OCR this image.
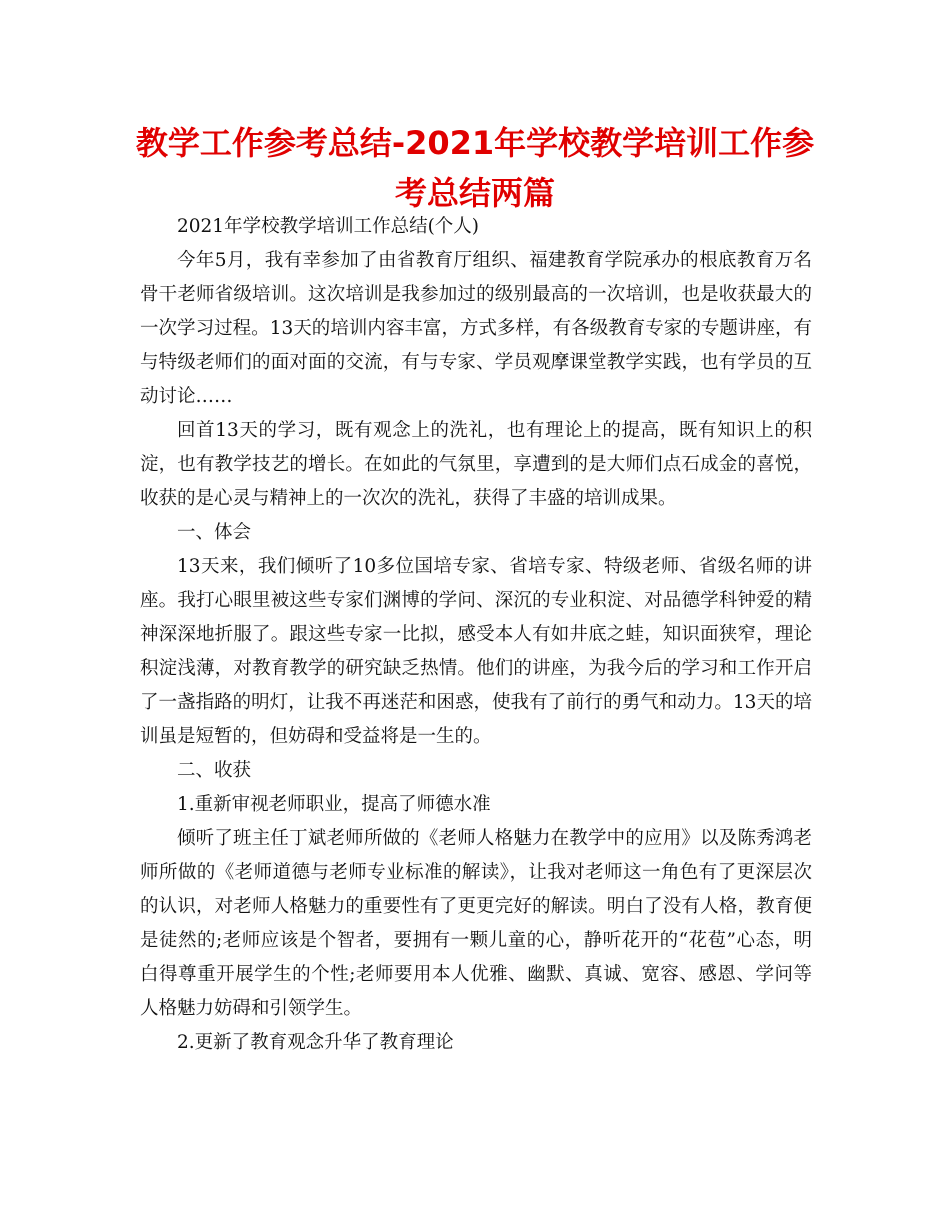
教学工作参考总结-2021年学校教学培训工作参考总结两篇

2021年学校教学培训工作总结(个人)

今年5月，我有幸参加了由省教育厅组织、福建教育学院承办的根底教育万名骨干老师省级培训。这次培训是我参加过的级别最高的一次培训，也是收获最大的一次学习过程。13天的培训内容丰富，方式多样，有各级教育专家的专题讲座，有与特级老师们的面对面的交流，有与专家、学员观摩课堂教学实践，也有学员的互动讨论……

回首13天的学习，既有观念上的洗礼，也有理论上的提高，既有知识上的积淀，也有教学技艺的增长。在如此的气氛里，享遭到的是大师们点石成金的喜悦，收获的是心灵与精神上的一次次的洗礼，获得了丰盛的培训成果。

一、体会

13天来，我们倾听了10多位国培专家、省培专家、特级老师、省级名师的讲座。我打心眼里被这些专家们渊博的学问、深沉的专业积淀、对品德学科钟爱的精神深深地折服了。跟这些专家一比拟，感受本人有如井底之蛙，知识面狭窄，理论积淀浅薄，对教育教学的研究缺乏热情。他们的讲座，为我今后的学习和工作开启了一盏指路的明灯，让我不再迷茫和困惑，使我有了前行的勇气和动力。13天的培训虽是短暂的，但妨碍和受益将是一生的。

二、收获

1.重新审视老师职业，提高了师德水准

倾听了班主任丁斌老师所做的《老师人格魅力在教学中的应用》以及陈秀鸿老师所做的《老师道德与老师专业标准的解读》，让我对老师这一角色有了更深层次的认识，对老师人格魅力的重要性有了更更完好的解读。明白了没有人格，教育便是徒然的;老师应该是个智者，要拥有一颗儿童的心，静听花开的“花苞”心态，明白得尊重开展学生的个性;老师要用本人优雅、幽默、真诚、宽容、感恩、学问等人格魅力妨碍和引领学生。

2.更新了教育观念升华了教育理论
